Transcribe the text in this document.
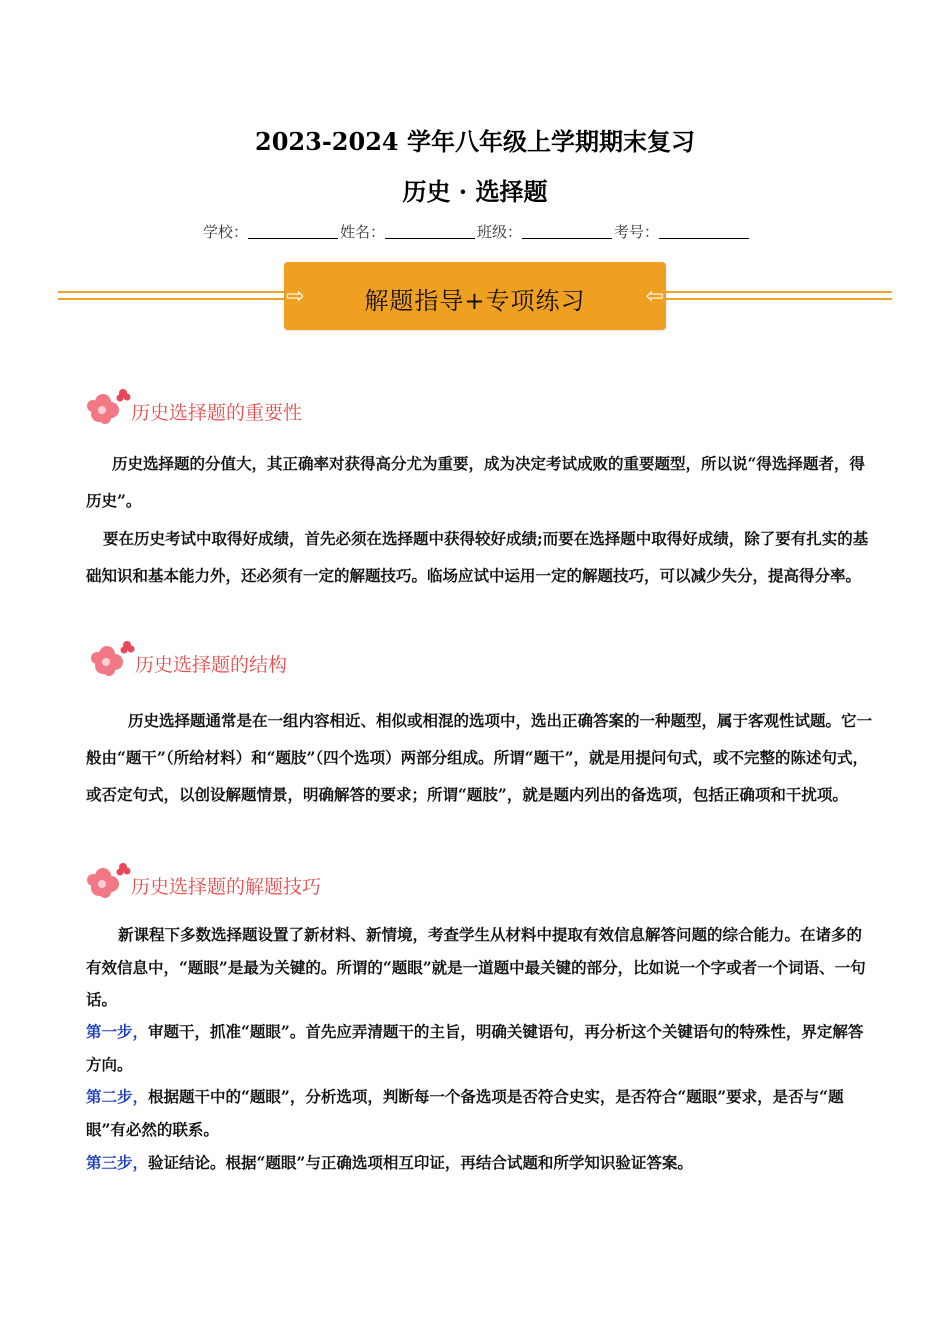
2023-2024 学年八年级上学期期末复习
历史 · 选择题
学校：	姓名：	班级：	考号：
⇨	解题指导+专项练习	⇦
历史选择题的重要性

历史选择题的分值大，其正确率对获得高分尤为重要，成为决定考试成败的重要题型，所以说“得选择题者，得历史”。

要在历史考试中取得好成绩，首先必须在选择题中获得较好成绩;而要在选择题中取得好成绩，除了要有扎实的基础知识和基本能力外，还必须有一定的解题技巧。临场应试中运用一定的解题技巧，可以减少失分，提高得分率。

历史选择题的结构

历史选择题通常是在一组内容相近、相似或相混的选项中，选出正确答案的一种题型，属于客观性试题。它一般由“题干”（所给材料）和“题肢”（四个选项）两部分组成。所谓“题干”，就是用提问句式，或不完整的陈述句式，或否定句式，以创设解题情景，明确解答的要求；所谓“题肢”，就是题内列出的备选项，包括正确项和干扰项。

历史选择题的解题技巧

新课程下多数选择题设置了新材料、新情境，考查学生从材料中提取有效信息解答问题的综合能力。在诸多的有效信息中，“题眼”是最为关键的。所谓的“题眼”就是一道题中最关键的部分，比如说一个字或者一个词语、一句话。

第一步，审题干，抓准“题眼”。首先应弄清题干的主旨，明确关键语句，再分析这个关键语句的特殊性，界定解答方向。

第二步，根据题干中的“题眼”，分析选项，判断每一个备选项是否符合史实，是否符合“题眼”要求，是否与“题眼”有必然的联系。

第三步，验证结论。根据“题眼”与正确选项相互印证，再结合试题和所学知识验证答案。
